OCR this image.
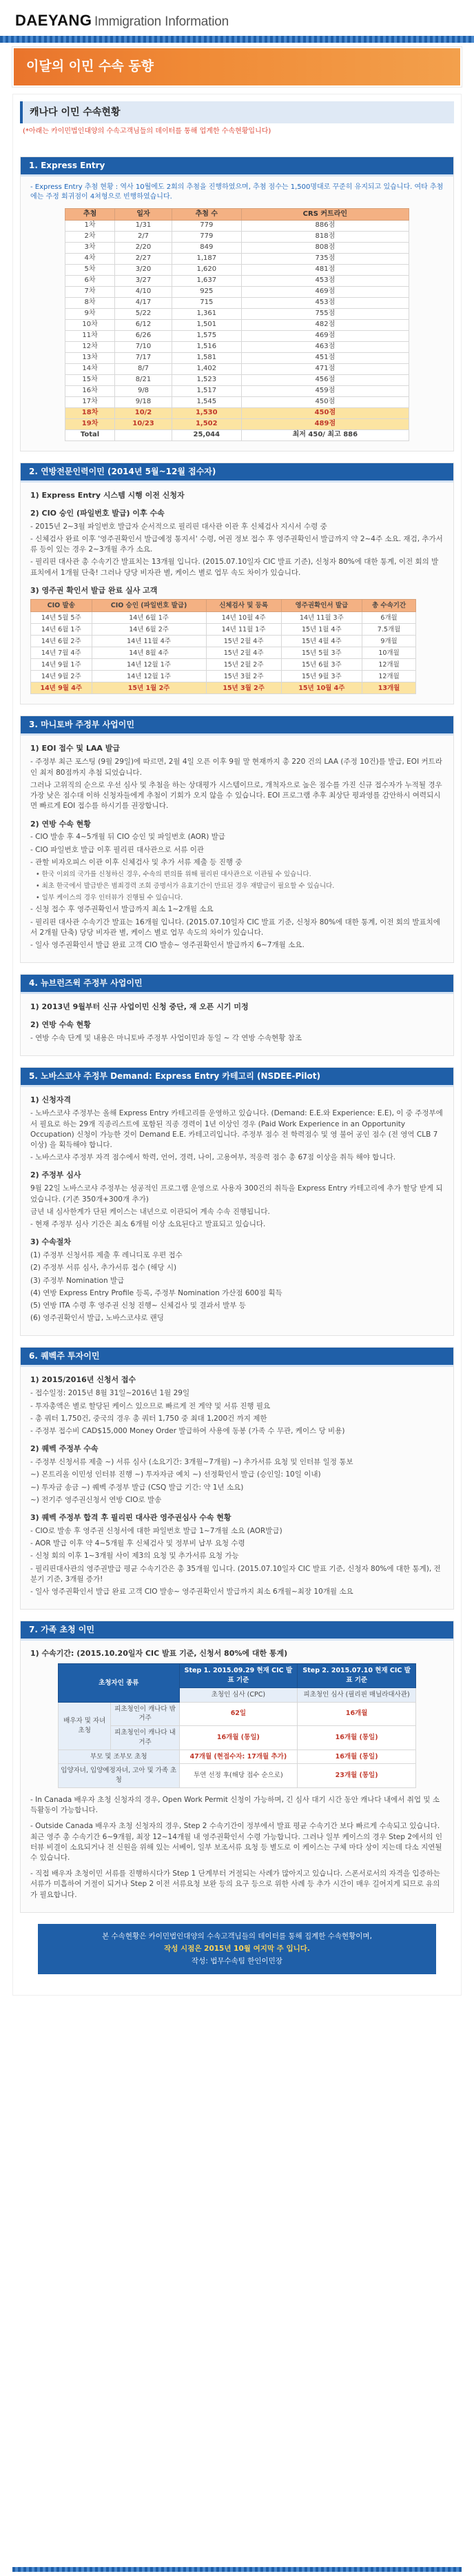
DAEYANG Immigration Information
이달의 이민 수속 동향
캐나다 이민 수속현황
(*아래는 카이민법인대양의 수속고객님들의 데이터를 통해 업계한 수속현황입니다)
1. Express Entry
- Express Entry 추첨 현황 : 역사 10월에도 2회의 추첨을 진행하였으며, 추첨 점수는 1,500명대로 꾸준히 유지되고 있습니다. 여타 추첨에는 주정 회귀점이 4쳐형으로 빈행하였습니다.
추첨	일자	추첨 수	CRS 커트라인
1차	1/31	779	886점
2차	2/7	779	818점
3차	2/20	849	808점
4차	2/27	1,187	735점
5차	3/20	1,620	481점
6차	3/27	1,637	453점
7차	4/10	925	469점
8차	4/17	715	453점
9차	5/22	1,361	755점
10차	6/12	1,501	482점
11차	6/26	1,575	469점
12차	7/10	1,516	463점
13차	7/17	1,581	451점
14차	8/7	1,402	471점
15차	8/21	1,523	456점
16차	9/8	1,517	459점
17차	9/18	1,545	450점
18차	10/2	1,530	450점
19차	10/23	1,502	489점
Total		25,044	최저 450/ 최고 886
2. 연방전문인력이민 (2014년 5월~12월 접수자)
1) Express Entry 시스템 시행 이전 신청자
2) CIO 승인 (파일번호 발급) 이후 수속
- 2015년 2~3월 파일번호 발급자 순서적으로 필리핀 대사관 이관 후 신체검사 지시서 수령 중
- 신체검사 완료 이후 '영주권확인서 발급예정 통지서' 수령, 여권 정보 접수 후 영주권확인서 발급까지 약 2~4주 소요. 재검, 추가서류 등이 있는 경우 2~3개월 추가 소요.
- 필리핀 대사관 총 수속기간 발표치는 13개월 입니다. (2015.07.10일자 CIC 발표 기준), 신청자 80%에 대한 통계, 이전 회의 발표치에서 1개월 단축! 그러나 당당 비자관 별, 케이스 별로 업무 속도 차이가 있습니다.
3) 영주권 확인서 발급 완료 실사 고객
CIO 발송	CIO 승인 (파일번호 발급)	신체검사 및 등록	영주권확인서 발급	총 수속기간
14년 5월 5주	14년 6월 1주	14년 10월 4주	14년 11월 3주	6개월
14년 6월 1주	14년 6월 2주	14년 11월 1주	15년 1월 4주	7.5개월
14년 6월 2주	14년 11월 4주	15년 2월 4주	15년 4월 4주	9개월
14년 7월 4주	14년 8월 4주	15년 2월 4주	15년 5월 3주	10개월
14년 9월 1주	14년 12월 1주	15년 2월 2주	15년 6월 3주	12개월
14년 9월 2주	14년 12월 1주	15년 3월 2주	15년 9월 3주	12개월
14년 9월 4주	15년 1월 2주	15년 3월 2주	15년 10월 4주	13개월
3. 마니토바 주정부 사업이민
1) EOI 접수 및 LAA 발급
- 주정부 최근 포스팅 (9월 29일)에 따르면, 2월 4일 오픈 이후 9월 말 현재까지 총 220 건의 LAA (주정 10건)를 발급, EOI 커트라인 최저 80점까지 추첨 되었습니다.
그러나 고위직의 순으로 우선 심사 및 추첨을 하는 상대평가 시스템이므로, 개척자으로 높은 점수를 가진 신규 접수자가 누적될 경우 가장 낮은 점수대 이하 신청자들에게 추첨이 기회가 오지 않을 수 있습니다. EOI 프로그램 추후 최상단 평과영를 감안하시 여력되시면 빠르게 EOI 접수를 하시기를 권장합니다.
2) 연방 수속 현황
- CIO 발송 후 4~5개월 뒤 CIO 승인 및 파일번호 (AOR) 발급
- CIO 파일번호 발급 이후 필리핀 대사관으로 서류 이관
- 관할 비자오피스 이관 이후 신체검사 및 추가 서류 제출 등 진행 중
• 한국 이외의 국가를 신청하신 경우, 수속의 편의를 위해 필리핀 대사관으로 이관될 수 있습니다.
• 최초 한국에서 발급받은 범죄경력 조회 증명서가 유효기간이 만료된 경우 재발급이 필요할 수 있습니다.
• 일부 케이스의 경우 인터뷰가 진행될 수 있습니다.
- 신청 접수 후 영주권확인서 발급까지 최소 1~2개월 소요
- 필리핀 대사관 수속기간 발표는 16개월 입니다. (2015.07.10일자 CIC 발표 기준, 신청자 80%에 대한 통계, 이전 회의 발표치에서 2개월 단축) 당당 비자관 별, 케이스 별로 업무 속도의 차이가 있습니다.
- 일사 영주권확인서 발급 완료 고객 CIO 발송~ 영주권확인서 발급까지 6~7개월 소요.
4. 뉴브런즈윅 주정부 사업이민
1) 2013년 9월부터 신규 사업이민 신청 중단, 재 오픈 시기 미정
2) 연방 수속 현황
- 연방 수속 단계 및 내용은 마니토바 주정부 사업이민과 동일 ~ 각 연방 수속현황 참조
5. 노바스코샤 주정부 Demand: Express Entry 카테고리 (NSDEE-Pilot)
1) 신청자격
- 노바스코샤 주정부는 올해 Express Entry 카테고리를 운영하고 있습니다. (Demand: E.E.와 Experience: E.E), 이 중 주정부에서 필요로 하는 29개 직종리스트에 포함된 직종 경력이 1년 이상인 경우 (Paid Work Experience in an Opportunity Occupation) 신청이 가능한 것이 Demand E.E. 카테고리입니다. 주정부 점수 전 학력점수 및 영 불어 공인 점수 (전 영역 CLB 7이상) 을 획득해야 합니다.
- 노바스코샤 주정부 자격 점수에서 학력, 언어, 경력, 나이, 고용여부, 적응력 점수 총 67점 이상을 취득 해야 합니다.
2) 주정부 심사
9월 22일 노바스코샤 주정부는 성공적인 프로그램 운영으로 사용자 300건의 취득을 Express Entry 카테고리에 추가 할당 받게 되었습니다. (기존 350개+300개 추가)
금년 내 심사한계가 단된 케이스는 내년으로 이관되어 계속 수속 진행됩니다.
- 현재 주정부 심사 기간은 최소 6개월 이상 소요된다고 발표되고 있습니다.
3) 수속절차
(1) 주정부 신청서류 제출 후 레니디포 우편 접수
(2) 주정부 서류 심사, 추가서류 접수 (해당 시)
(3) 주정부 Nomination 발급
(4) 연방 Express Entry Profile 등록, 주정부 Nomination 가산점 600점 획득
(5) 연방 ITA 수령 후 영주권 신청 진행~ 신체검사 및 결과서 발부 등
(6) 영주권확인서 발급, 노바스코샤로 랜딩
6. 퀘벡주 투자이민
1) 2015/2016년 신청서 접수
- 접수일정: 2015년 8월 31일~2016년 1월 29일
- 투자총액은 별로 할당된 케이스 있으므로 빠르게 전 게약 및 서류 진행 필요
- 총 쿼터 1,750건, 중국의 경우 총 쿼터 1,750 중 최대 1,200건 까지 제한
- 주정부 접수비 CAD$15,000 Money Order 발급하여 사용에 동봉 (가족 수 무관, 케이스 당 비용)
2) 퀘벡 주정부 수속
- 주정부 신청서류 제출 ~) 서류 심사 (소요기간: 3개월~7개월) ~) 추가서류 요청 및 인터뷰 일정 통보
~) 몬트리올 이민성 인터뷰 진행 ~) 투자자금 예치 ~) 선정확인서 발급 (승인일: 10일 이내)
~) 투자금 송금 ~) 퀘벡 주정부 발급 (CSQ 발급 기간: 약 1년 소요)
~) 전기주 영주권신청서 연방 CIO로 발송
3) 퀘벡 주정부 합격 후 필리핀 대사관 영주권심사 수속 현황
- CIO로 발송 후 영주권 신청서에 대한 파일번호 발급 1~7개월 소요 (AOR발급)
- AOR 발급 이후 약 4~5개월 후 신체검사 및 정부비 납부 요청 수령
- 신청 회의 이후 1~3개월 사이 제3의 요청 및 추가서류 요청 가능
- 필리핀대사관의 영주권발급 평균 수속기간은 총 35개월 입니다. (2015.07.10일자 CIC 발표 기준, 신청자 80%에 대한 통계), 전 분기 기준, 3개월 증가!
- 일사 영주권확인서 발급 완료 고객 CIO 발송~ 영주권확인서 발급까지 최소 6개월~최장 10개월 소요
7. 가족 초청 이민
1) 수속기간: (2015.10.20일자 CIC 발표 기준, 신청서 80%에 대한 통계)
초청자인 종류		Step 1. 2015.09.29 현재 CIC 발표 기준	Step 2. 2015.07.10 현재 CIC 발표 기준
		초청인 심사 (CPC)	피초청인 심사 (필리핀 매닐라대사관)
배우자 및 자녀 초청	피초청인이 캐나다 밖 거주	62일	16개월
	피초청인이 캐나다 내 거주	16개월 (통일)	16개월 (통일)
부모 및 조부모 초청		47개월 (현접수자: 17개월 추가)	16개월 (통일)
입양자녀, 입양예정자녀, 고아 및 가족 초청		투연 선정 후(해당 접수 순으로)	23개월 (통일)
- In Canada 배우자 초청 신청자의 경우, Open Work Permit 신청이 가능하며, 긴 심사 대기 시간 동안 캐나다 내에서 취업 및 소득활동이 가능합니다.
- Outside Canada 배우자 초청 신청자의 경우, Step 2 수속기간이 정부에서 발표 평균 수속기간 보다 빠르게 수속되고 있습니다. 최근 영주 총 수속기간 6~9개월, 최장 12~14개월 내 영주권확인서 수령 가능합니다. 그러나 일부 케이스의 경우 Step 2에서의 인터뷰 비결이 소요되거나 전 신원을 위해 있는 서베이, 일부 보조서류 요청 등 별도로 이 케이스는 구체 마다 상이 지는데 다소 지연될 수 있습니다.
- 직접 배우자 초청이민 서류를 진행하시다가 Step 1 단계부터 거절되는 사례가 많아지고 있습니다. 스폰서로서의 자격을 입증하는 서류가 미흡하여 거절이 되거나 Step 2 이전 서류요청 보완 등의 요구 등으로 위한 사례 등 추가 시간이 매우 길어지게 되므로 유의가 필요합니다.
본 수속현황은 카이민법인대양의 수속고객님들의 데이터를 통해 집계한 수속현황이며,
작성 시점은 2015년 10월 여지막 주 입니다.
작성: 법무수속팀 한인이민장
